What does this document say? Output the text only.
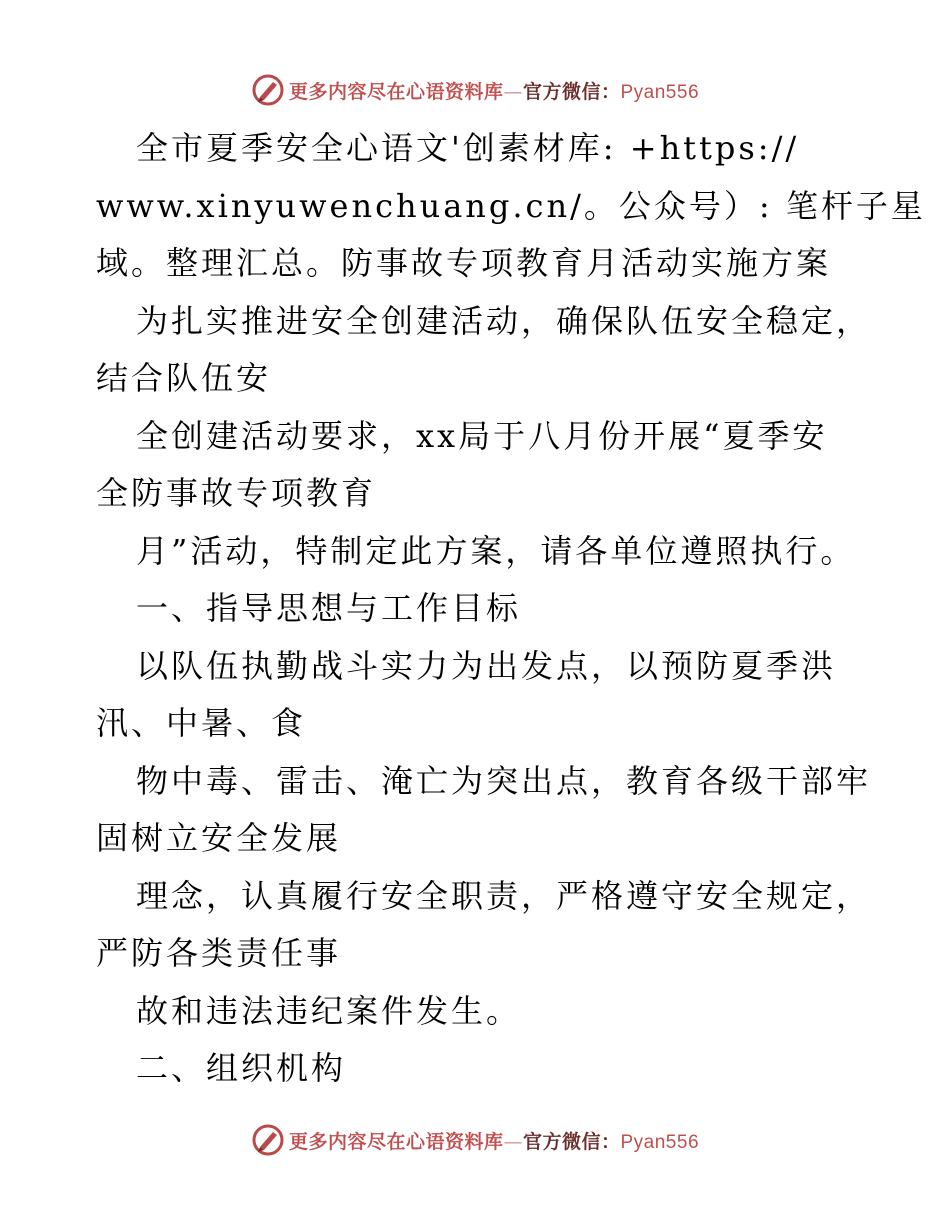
更多内容尽在心语资料库—官方微信：Pyan556
全市夏季安全心语文'创素材库: +https://
www.xinyuwenchuang.cn/。公众号）: 笔杆子星
域。整理汇总。防事故专项教育月活动实施方案
为扎实推进安全创建活动，确保队伍安全稳定，
结合队伍安
全创建活动要求，xx局于八月份开展“夏季安
全防事故专项教育
月”活动，特制定此方案，请各单位遵照执行。
一、指导思想与工作目标
以队伍执勤战斗实力为出发点，以预防夏季洪
汛、中暑、食
物中毒、雷击、淹亡为突出点，教育各级干部牢
固树立安全发展
理念，认真履行安全职责，严格遵守安全规定，
严防各类责任事
故和违法违纪案件发生。
二、组织机构
更多内容尽在心语资料库—官方微信：Pyan556
